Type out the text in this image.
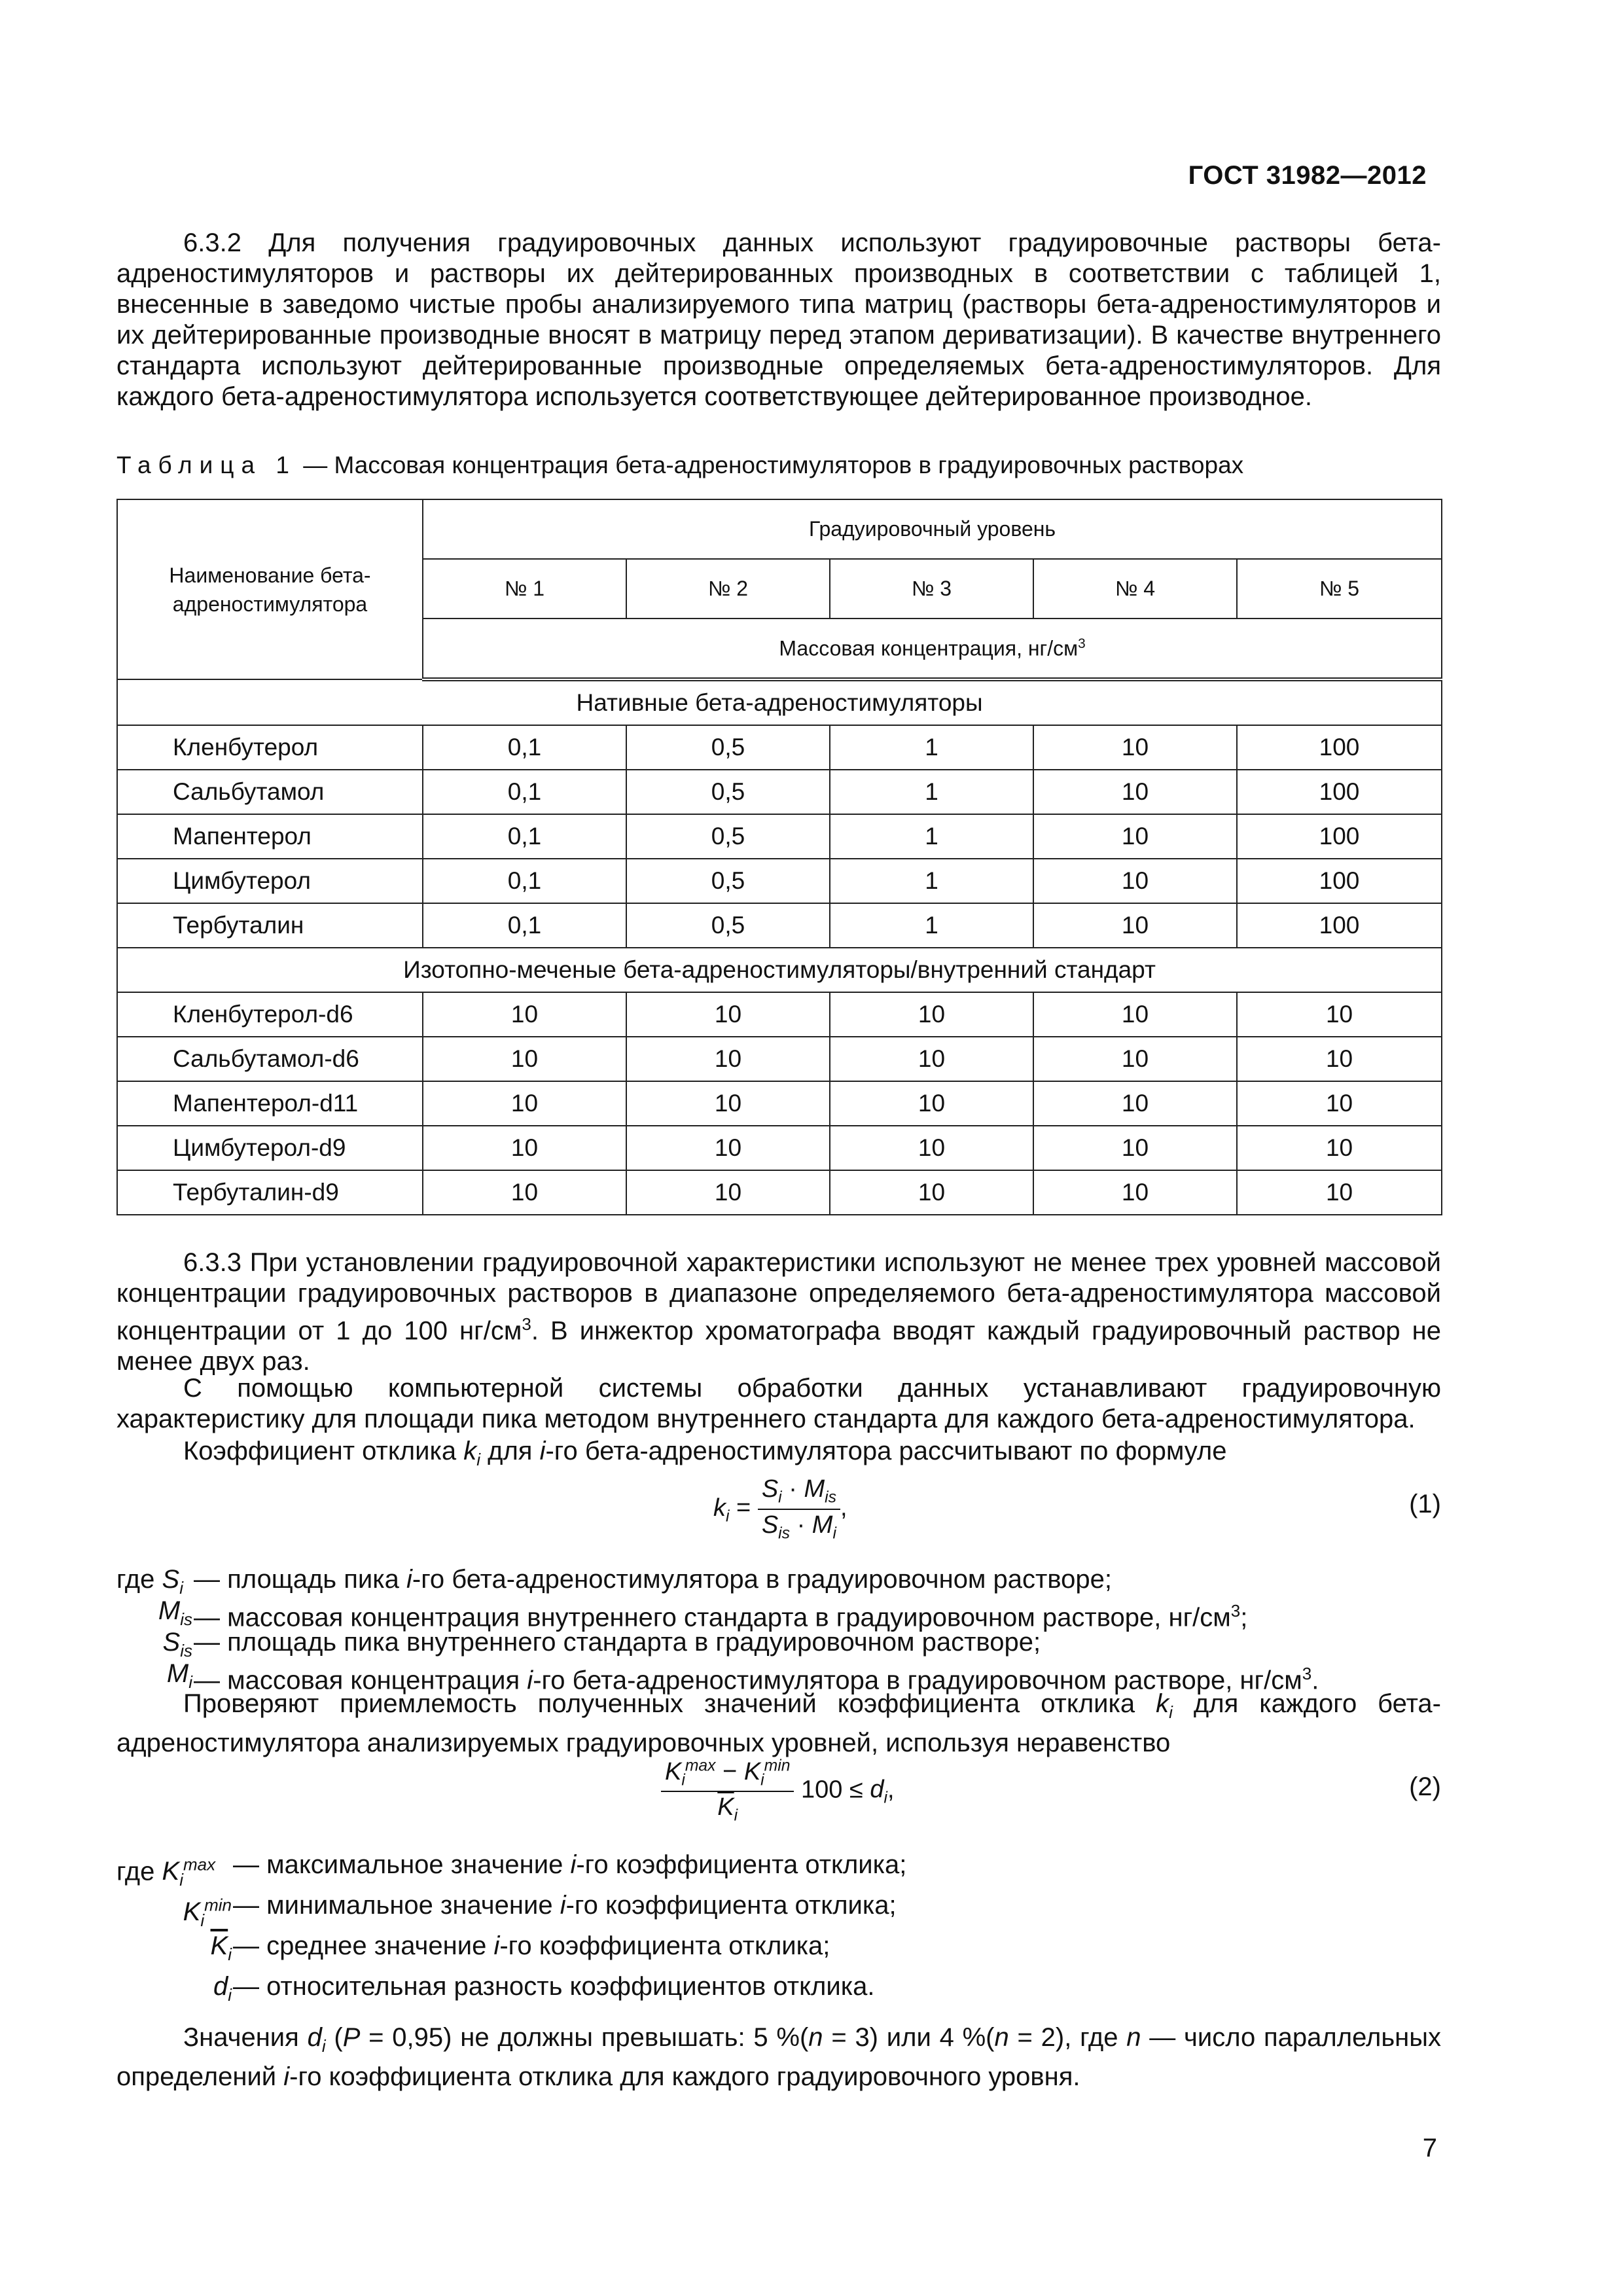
ГОСТ 31982—2012
6.3.2 Для получения градуировочных данных используют градуировочные растворы бета-адреностимуляторов и растворы их дейтерированных производных в соответствии с таблицей 1, внесенные в заведомо чистые пробы анализируемого типа матриц (растворы бета-адреностимуляторов и их дейтерированные производные вносят в матрицу перед этапом дериватизации). В качестве внутреннего стандарта используют дейтерированные производные определяемых бета-адреностимуляторов. Для каждого бета-адреностимулятора используется соответствующее дейтерированное производное.
Таблица 1 — Массовая концентрация бета-адреностимуляторов в градуировочных растворах
Наименование бета-адреностимулятора	Градуировочный уровень				
	№ 1	№ 2	№ 3	№ 4	№ 5
	Массовая концентрация, $нг/см^3$
Нативные бета-адреностимуляторы					
Кленбутерол	0,1	0,5	1	10	100
Сальбутамол	0,1	0,5	1	10	100
Мапентерол	0,1	0,5	1	10	100
Цимбутерол	0,1	0,5	1	10	100
Тербуталин	0,1	0,5	1	10	100
Изотопно-меченые бета-адреностимуляторы/внутренний стандарт					
Кленбутерол-d6	10	10	10	10	10
Сальбутамол-d6	10	10	10	10	10
Мапентерол-d11	10	10	10	10	10
Цимбутерол-d9	10	10	10	10	10
Тербуталин-d9	10	10	10	10	10
6.3.3 При установлении градуировочной характеристики используют не менее трех уровней массовой концентрации градуировочных растворов в диапазоне определяемого бета-адреностимулятора массовой концентрации от 1 до 100 $нг/см^3$. В инжектор хроматографа вводят каждый градуировочный раствор не менее двух раз.
С помощью компьютерной системы обработки данных устанавливают градуировочную характеристику для площади пика методом внутреннего стандарта для каждого бета-адреностимулятора.
Коэффициент отклика $k_i$ для i-го бета-адреностимулятора рассчитывают по формуле
$k_i = \frac{S_i \cdot M_{is}}{S_{is} \cdot M_i}$ ,	(1)
где $S_i$ — площадь пика i-го бета-адреностимулятора в градуировочном растворе;
$M_{is}$ — массовая концентрация внутреннего стандарта в градуировочном растворе, $нг/см^3$;
$S_{is}$ — площадь пика внутреннего стандарта в градуировочном растворе;
$M_i$ — массовая концентрация i-го бета-адреностимулятора в градуировочном растворе, $нг/см^3$.
Проверяют приемлемость полученных значений коэффициента отклика $k_i$ для каждого бета-адреностимулятора анализируемых градуировочных уровней, используя неравенство
$\frac{K_i^{max} - K_i^{min}}{\overline{K}_i} 100 \le d_i$,	(2)
где $K_i^{max}$ — максимальное значение i-го коэффициента отклика;
$K_i^{min}$ — минимальное значение i-го коэффициента отклика;
$\overline{K}_i$ — среднее значение i-го коэффициента отклика;
$d_i$ — относительная разность коэффициентов отклика.
Значения $d_i$ (P = 0,95) не должны превышать: 5 %(n = 3) или 4 %(n = 2), где n — число параллельных определений i-го коэффициента отклика для каждого градуировочного уровня.
7
